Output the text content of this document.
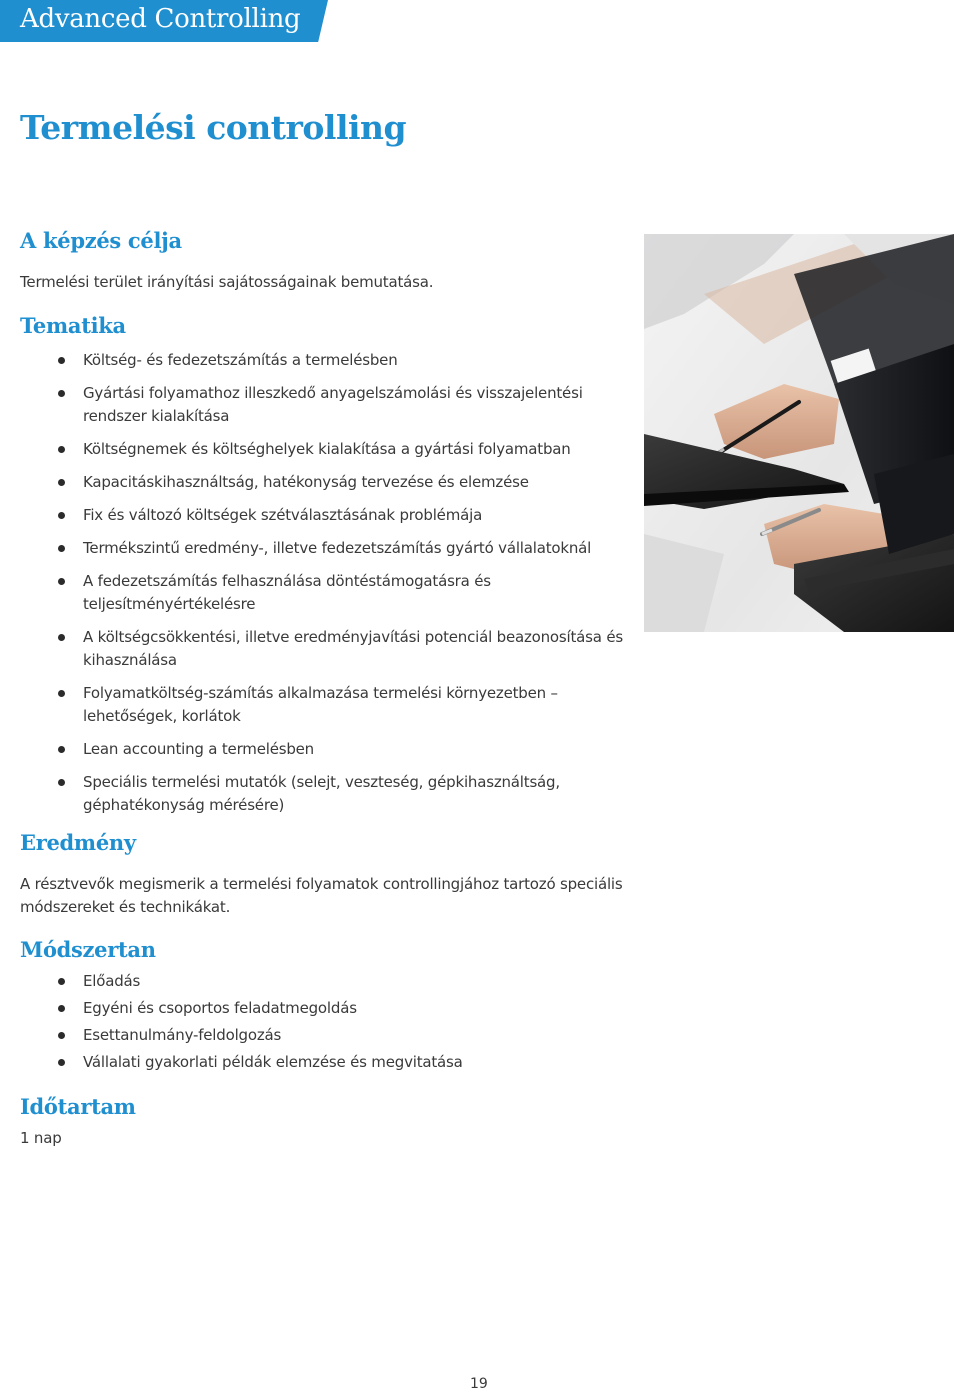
Advanced Controlling
Termelési controlling
A képzés célja

Termelési terület irányítási sajátosságainak bemutatása.

Tematika
Költség- és fedezetszámítás a termelésben
Gyártási folyamathoz illeszkedő anyagelszámolási és visszajelentési rendszer kialakítása
Költségnemek és költséghelyek kialakítása a gyártási folyamatban
Kapacitáskihasználtság, hatékonyság tervezése és elemzése
Fix és változó költségek szétválasztásának problémája
Termékszintű eredmény-, illetve fedezetszámítás gyártó vállalatoknál
A fedezetszámítás felhasználása döntéstámogatásra és teljesítményértékelésre
A költségcsökkentési, illetve eredményjavítási potenciál beazonosítása és kihasználása
Folyamatköltség-számítás alkalmazása termelési környezetben – lehetőségek, korlátok
Lean accounting a termelésben
Speciális termelési mutatók (selejt, veszteség, gépkihasználtság, géphatékonyság mérésére)
Eredmény

A résztvevők megismerik a termelési folyamatok controllingjához tartozó speciális módszereket és technikákat.

Módszertan
Előadás
Egyéni és csoportos feladatmegoldás
Esettanulmány-feldolgozás
Vállalati gyakorlati példák elemzése és megvitatása
Időtartam

1 nap

19
